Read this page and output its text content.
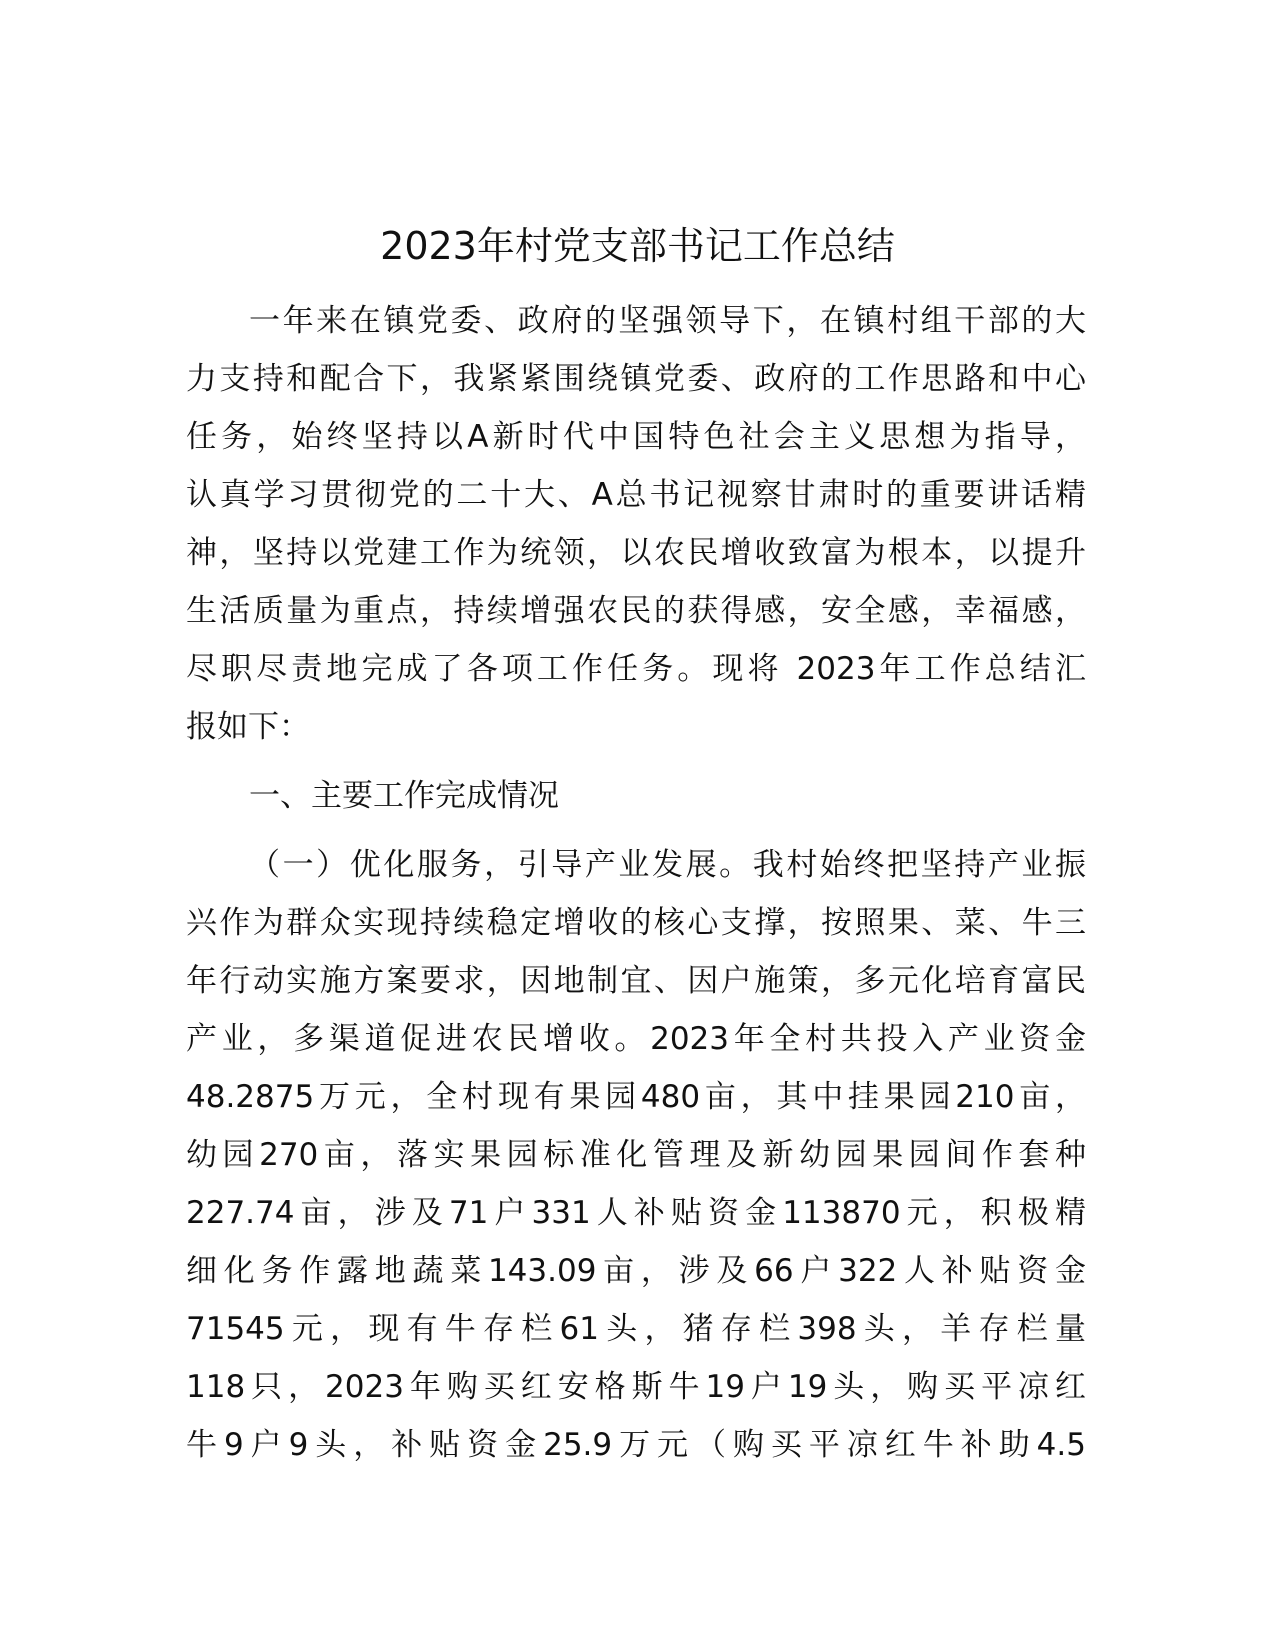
2023年村党支部书记工作总结
一年来在镇党委、政府的坚强领导下，在镇村组干部的大
力支持和配合下，我紧紧围绕镇党委、政府的工作思路和中心
任务，始终坚持以A新时代中国特色社会主义思想为指导，
认真学习贯彻党的二十大、A总书记视察甘肃时的重要讲话精
神，坚持以党建工作为统领，以农民增收致富为根本，以提升
生活质量为重点，持续增强农民的获得感，安全感，幸福感，
尽职尽责地完成了各项工作任务。现将 2023年工作总结汇
报如下：
一、主要工作完成情况
（一）优化服务，引导产业发展。我村始终把坚持产业振
兴作为群众实现持续稳定增收的核心支撑，按照果、菜、牛三
年行动实施方案要求，因地制宜、因户施策，多元化培育富民
产业，多渠道促进农民增收。2023年全村共投入产业资金
48.2875万元，全村现有果园480亩，其中挂果园210亩，
幼园270亩，落实果园标准化管理及新幼园果园间作套种
227.74亩，涉及71户331人补贴资金113870元，积极精
细化务作露地蔬菜143.09亩，涉及66户322人补贴资金
71545元，现有牛存栏61头，猪存栏398头，羊存栏量
118只，2023年购买红安格斯牛19户19头，购买平凉红
牛9户9头，补贴资金25.9万元（购买平凉红牛补助4.5
